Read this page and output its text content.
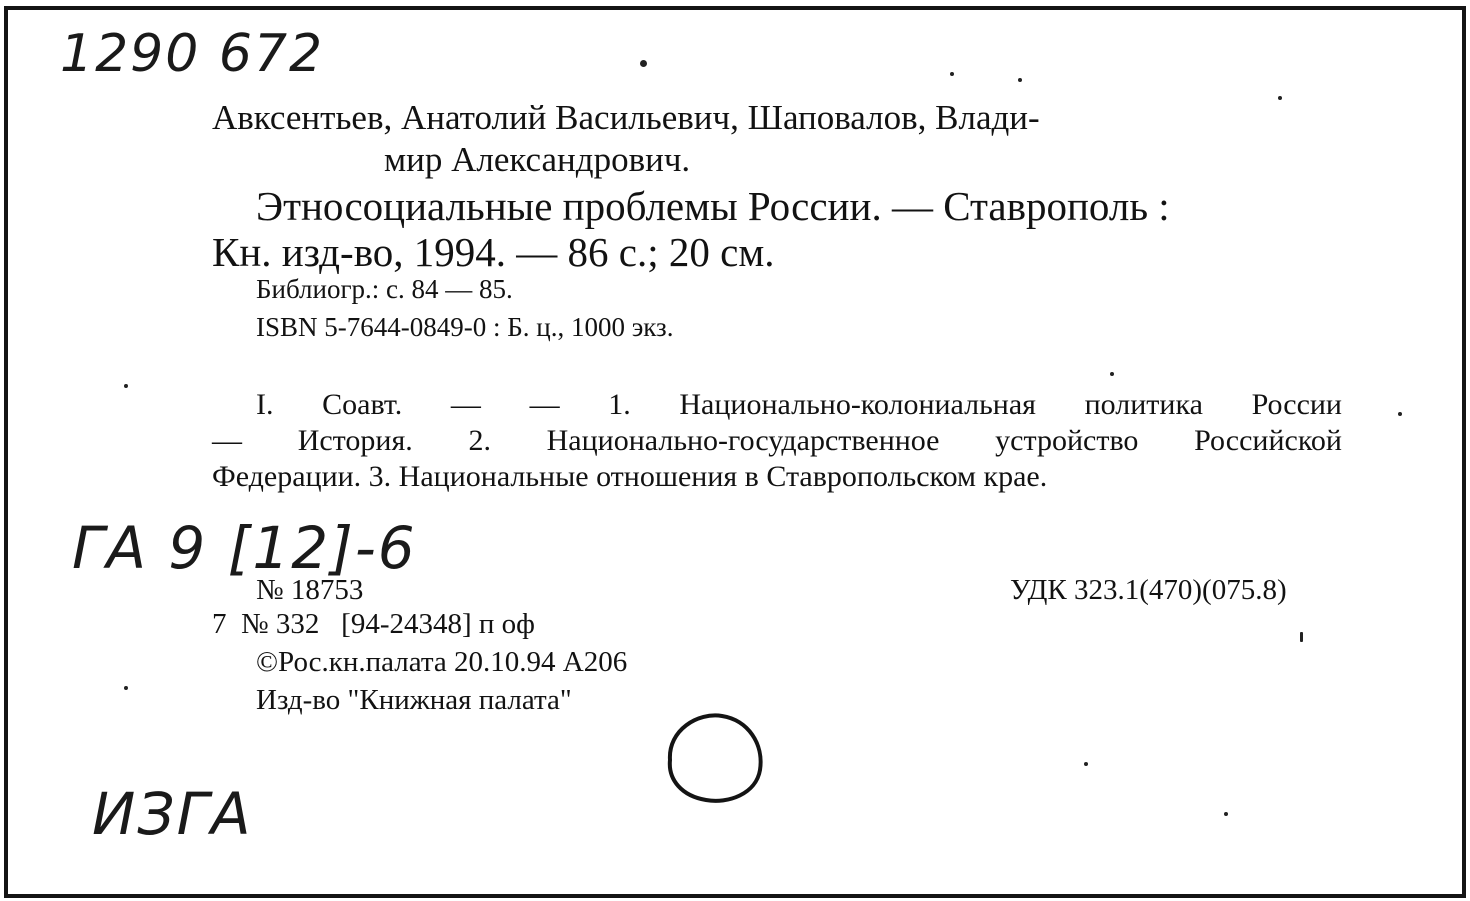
1290 672
ГА 9 [12]-6
ИЗГА
Авксентьев, Анатолий Васильевич, Шаповалов, Влади-
мир Александрович.
Этносоциальные проблемы России. — Ставрополь :
Кн. изд-во, 1994. — 86 с.; 20 см.
Библиогр.: с. 84 — 85.
ISBN 5-7644-0849-0 : Б. ц., 1000 экз.
I. Соавт. — — 1. Национально-колониальная политика России
— История. 2. Национально-государственное устройство Российской
Федерации. 3. Национальные отношения в Ставропольском крае.
№ 18753	УДК 323.1(470)(075.8)
7  № 332   [94-24348] п оф
©Рос.кн.палата 20.10.94 А206
Изд-во "Книжная палата"
